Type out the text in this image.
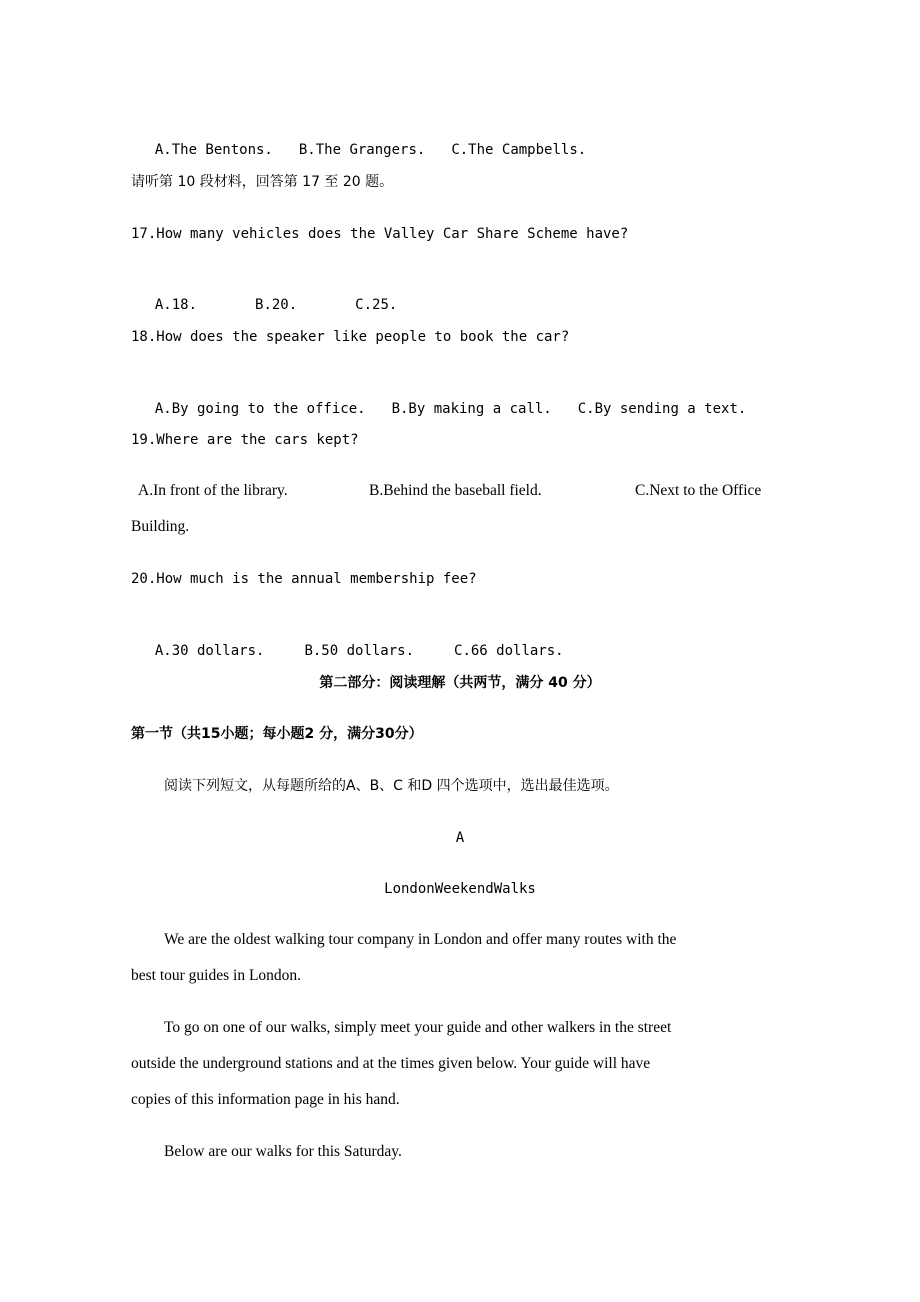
A.The Bentons. B.The Grangers. C.The Campbells.

请听第 10 段材料，回答第 17 至 20 题。
17.How many vehicles does the Valley Car Share Scheme have?

A.18.	B.20.	C.25.

18.How does the speaker like people to book the car?

A.By going to the office. B.By making a call. C.By sending a text.

19.Where are the cars kept?
A.In front of the library.	B.Behind the baseball field.	C.Next to the Office
Building.
20.How much is the annual membership fee?

A.30 dollars.	B.50 dollars.	C.66 dollars.

第二部分：阅读理解（共两节，满分 40 分）
第一节（共15小题；每小题2 分，满分30分）
阅读下列短文，从每题所给的A、B、C 和D 四个选项中，选出最佳选项。
A
LondonWeekendWalks
We are the oldest walking tour company in London and offer many routes with the
best tour guides in London.
To go on one of our walks, simply meet your guide and other walkers in the street
outside the underground stations and at the times given below. Your guide will have
copies of this information page in his hand.
Below are our walks for this Saturday.
